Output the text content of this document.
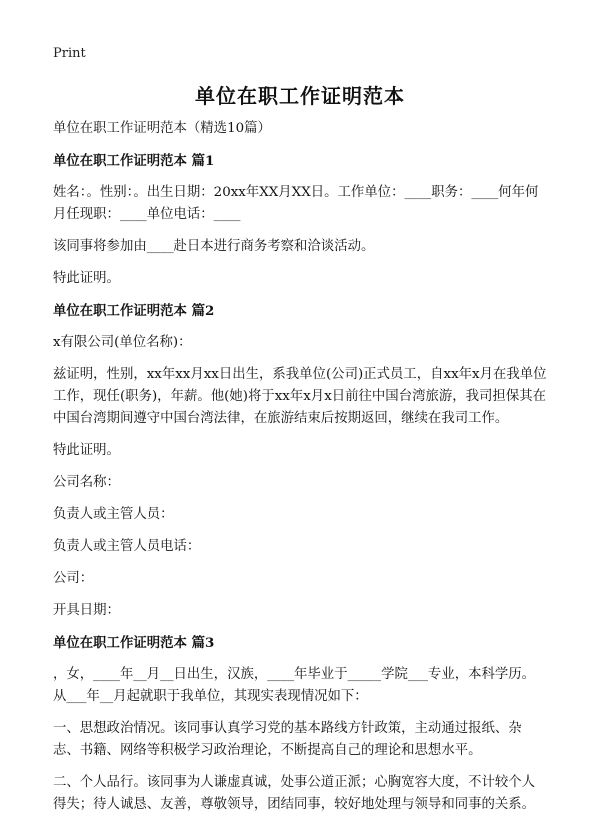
Print
单位在职工作证明范本
单位在职工作证明范本（精选10篇）
单位在职工作证明范本 篇1
姓名：。性别：。出生日期：20xx年XX月XX日。工作单位：____职务：____何年何月任现职：____单位电话：____
该同事将参加由____赴日本进行商务考察和洽谈活动。
特此证明。
单位在职工作证明范本 篇2
x有限公司(单位名称)：
兹证明，性别，xx年xx月xx日出生，系我单位(公司)正式员工，自xx年x月在我单位工作，现任(职务)，年薪。他(她)将于xx年x月x日前往中国台湾旅游，我司担保其在中国台湾期间遵守中国台湾法律，在旅游结束后按期返回，继续在我司工作。
特此证明。
公司名称：
负责人或主管人员：
负责人或主管人员电话：
公司：
开具日期：
单位在职工作证明范本 篇3
，女，____年__月__日出生，汉族，____年毕业于_____学院___专业，本科学历。从___年__月起就职于我单位，其现实表现情况如下：
一、思想政治情况。该同事认真学习党的基本路线方针政策，主动通过报纸、杂志、书籍、网络等积极学习政治理论，不断提高自己的理论和思想水平。
二、个人品行。该同事为人谦虚真诚，处事公道正派；心胸宽容大度，不计较个人得失；待人诚恳、友善，尊敬领导，团结同事，较好地处理与领导和同事的关系。
